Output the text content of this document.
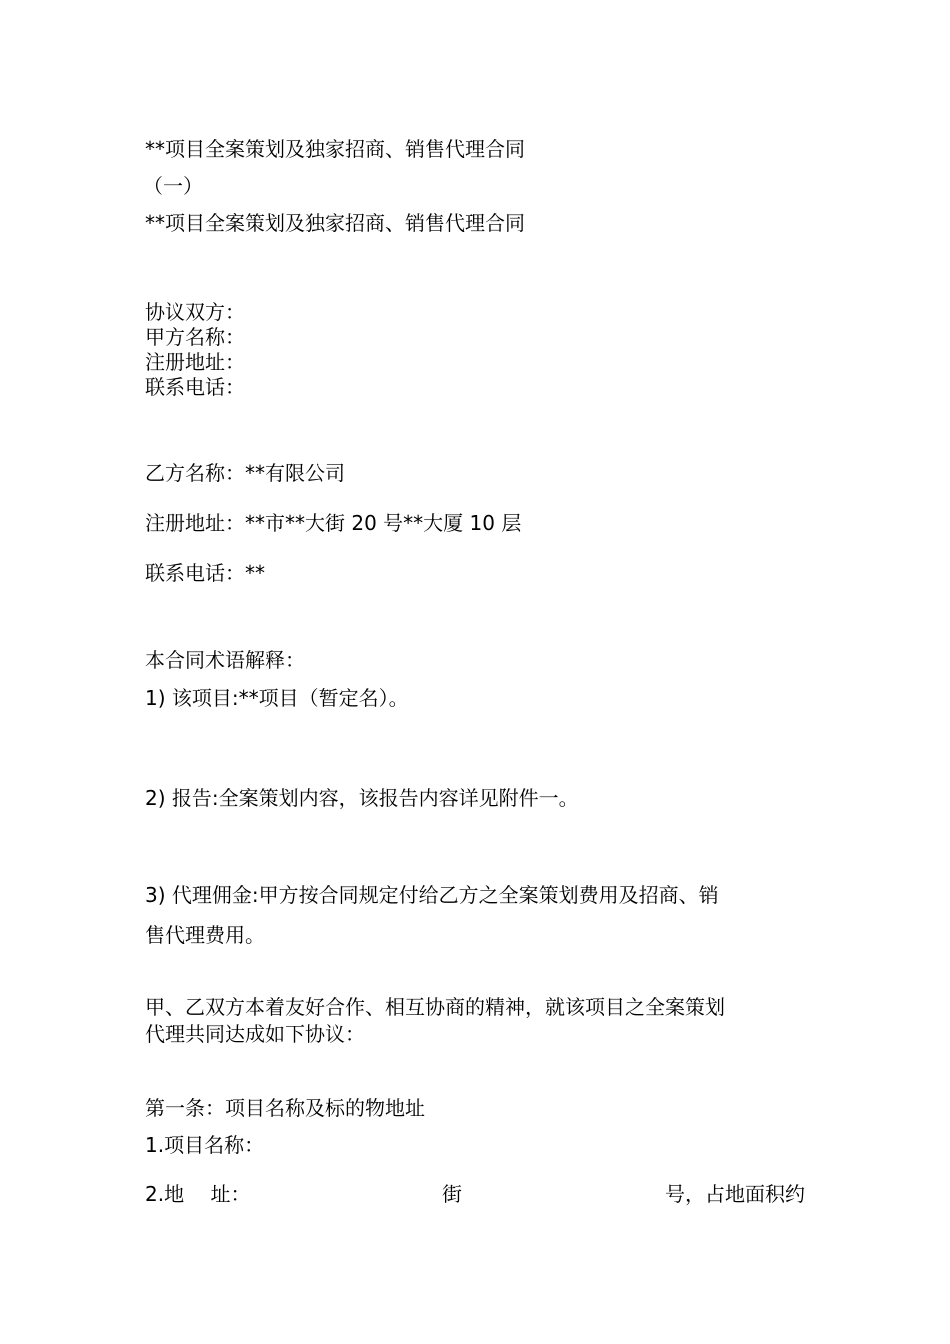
**项目全案策划及独家招商、销售代理合同
（一）
**项目全案策划及独家招商、销售代理合同
协议双方：
甲方名称：
注册地址：
联系电话：
乙方名称：**有限公司
注册地址：**市**大街 20 号**大厦 10 层
联系电话：**
本合同术语解释：
1) 该项目:**项目（暂定名）。
2) 报告:全案策划内容，该报告内容详见附件一。
3) 代理佣金:甲方按合同规定付给乙方之全案策划费用及招商、销
售代理费用。
甲、乙双方本着友好合作、相互协商的精神，就该项目之全案策划
代理共同达成如下协议：
第一条：项目名称及标的物地址
1.项目名称：
2.地　 址：	街	号，占地面积约
